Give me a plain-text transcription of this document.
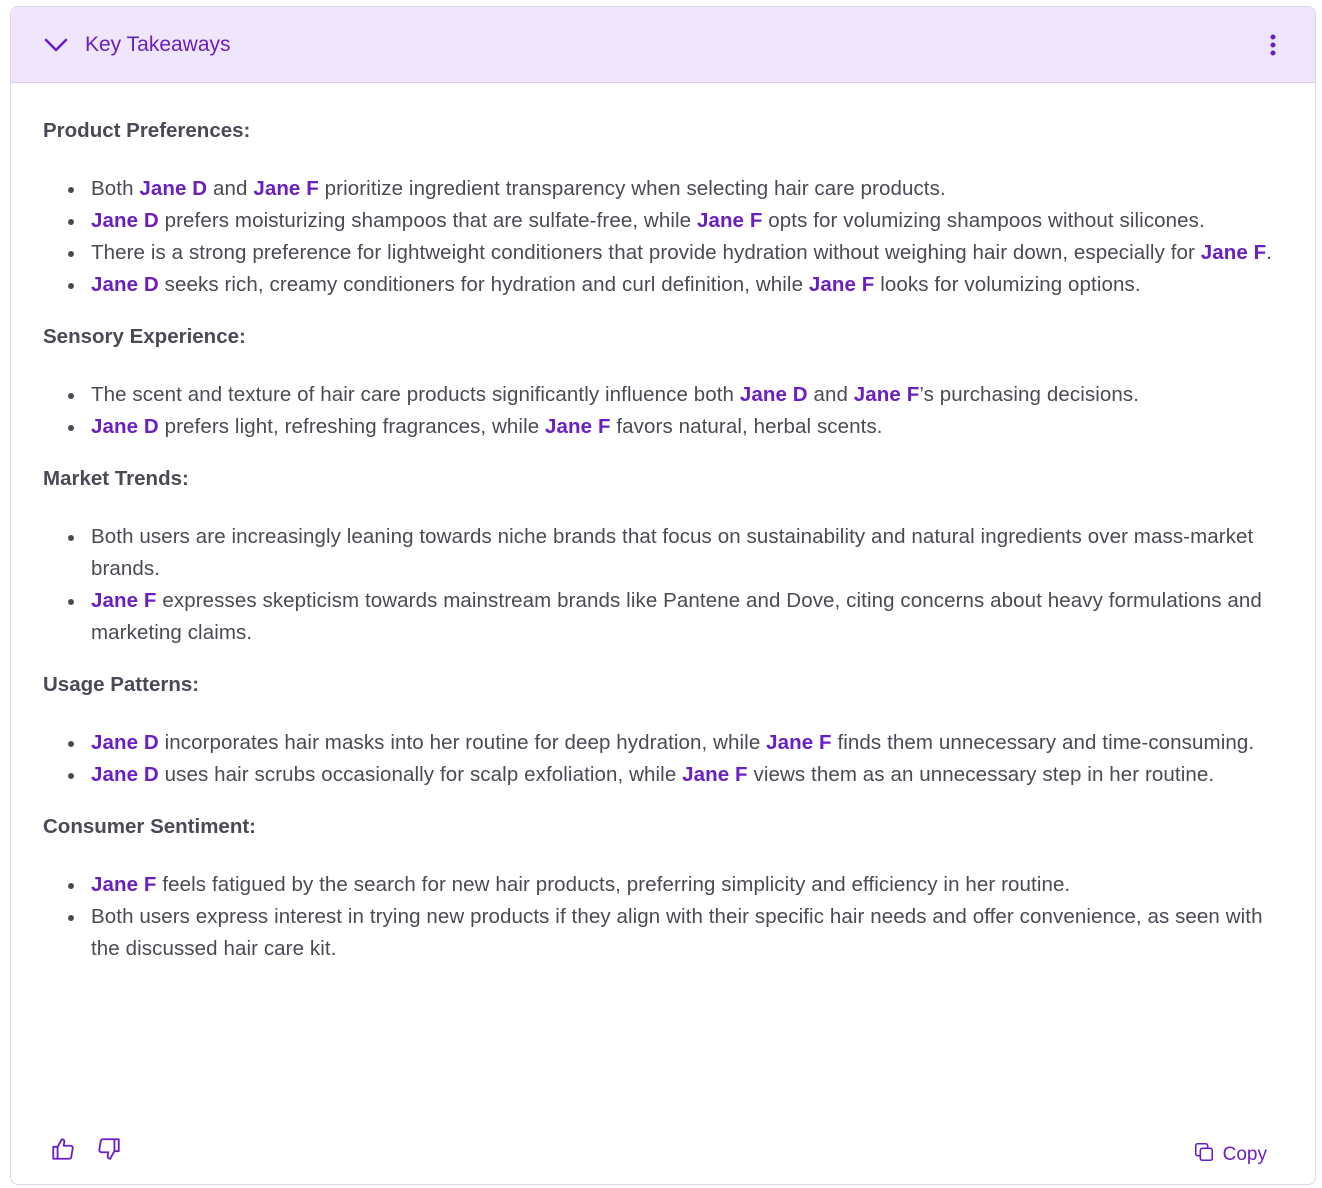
Key Takeaways
Product Preferences:
Both Jane D and Jane F prioritize ingredient transparency when selecting hair care products.
Jane D prefers moisturizing shampoos that are sulfate-free, while Jane F opts for volumizing shampoos without silicones.
There is a strong preference for lightweight conditioners that provide hydration without weighing hair down, especially for Jane F.
Jane D seeks rich, creamy conditioners for hydration and curl definition, while Jane F looks for volumizing options.
Sensory Experience:
The scent and texture of hair care products significantly influence both Jane D and Jane F’s purchasing decisions.
Jane D prefers light, refreshing fragrances, while Jane F favors natural, herbal scents.
Market Trends:
Both users are increasingly leaning towards niche brands that focus on sustainability and natural ingredients over mass-market brands.
Jane F expresses skepticism towards mainstream brands like Pantene and Dove, citing concerns about heavy formulations and marketing claims.
Usage Patterns:
Jane D incorporates hair masks into her routine for deep hydration, while Jane F finds them unnecessary and time-consuming.
Jane D uses hair scrubs occasionally for scalp exfoliation, while Jane F views them as an unnecessary step in her routine.
Consumer Sentiment:
Jane F feels fatigued by the search for new hair products, preferring simplicity and efficiency in her routine.
Both users express interest in trying new products if they align with their specific hair needs and offer convenience, as seen with the discussed hair care kit.
Copy
